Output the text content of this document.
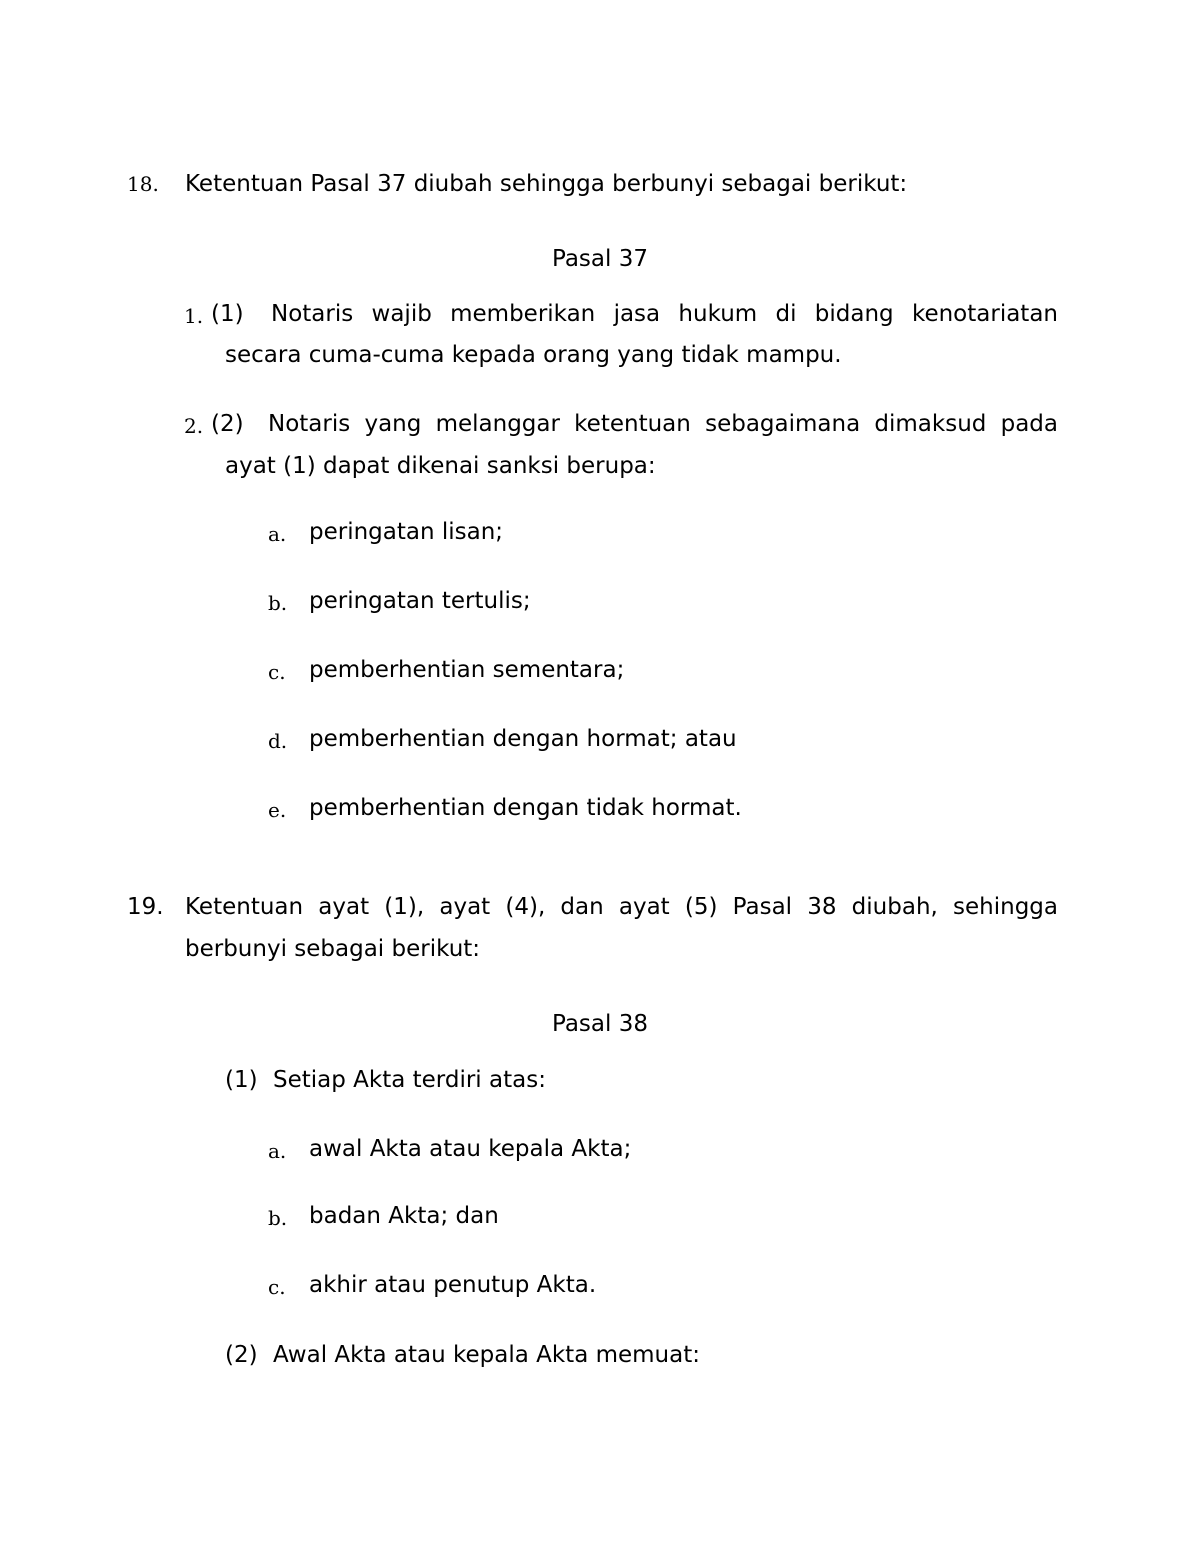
18. Ketentuan Pasal 37 diubah sehingga berbunyi sebagai berikut:
Pasal 37
1. (1) Notaris wajib memberikan jasa hukum di bidang kenotariatan
secara cuma-cuma kepada orang yang tidak mampu.
2. (2) Notaris yang melanggar ketentuan sebagaimana dimaksud pada
ayat (1) dapat dikenai sanksi berupa:
a. peringatan lisan;
b. peringatan tertulis;
c. pemberhentian sementara;
d. pemberhentian dengan hormat; atau
e. pemberhentian dengan tidak hormat.
19. Ketentuan ayat (1), ayat (4), dan ayat (5) Pasal 38 diubah, sehingga
berbunyi sebagai berikut:
Pasal 38
(1) Setiap Akta terdiri atas:
a. awal Akta atau kepala Akta;
b. badan Akta; dan
c. akhir atau penutup Akta.
(2) Awal Akta atau kepala Akta memuat:
